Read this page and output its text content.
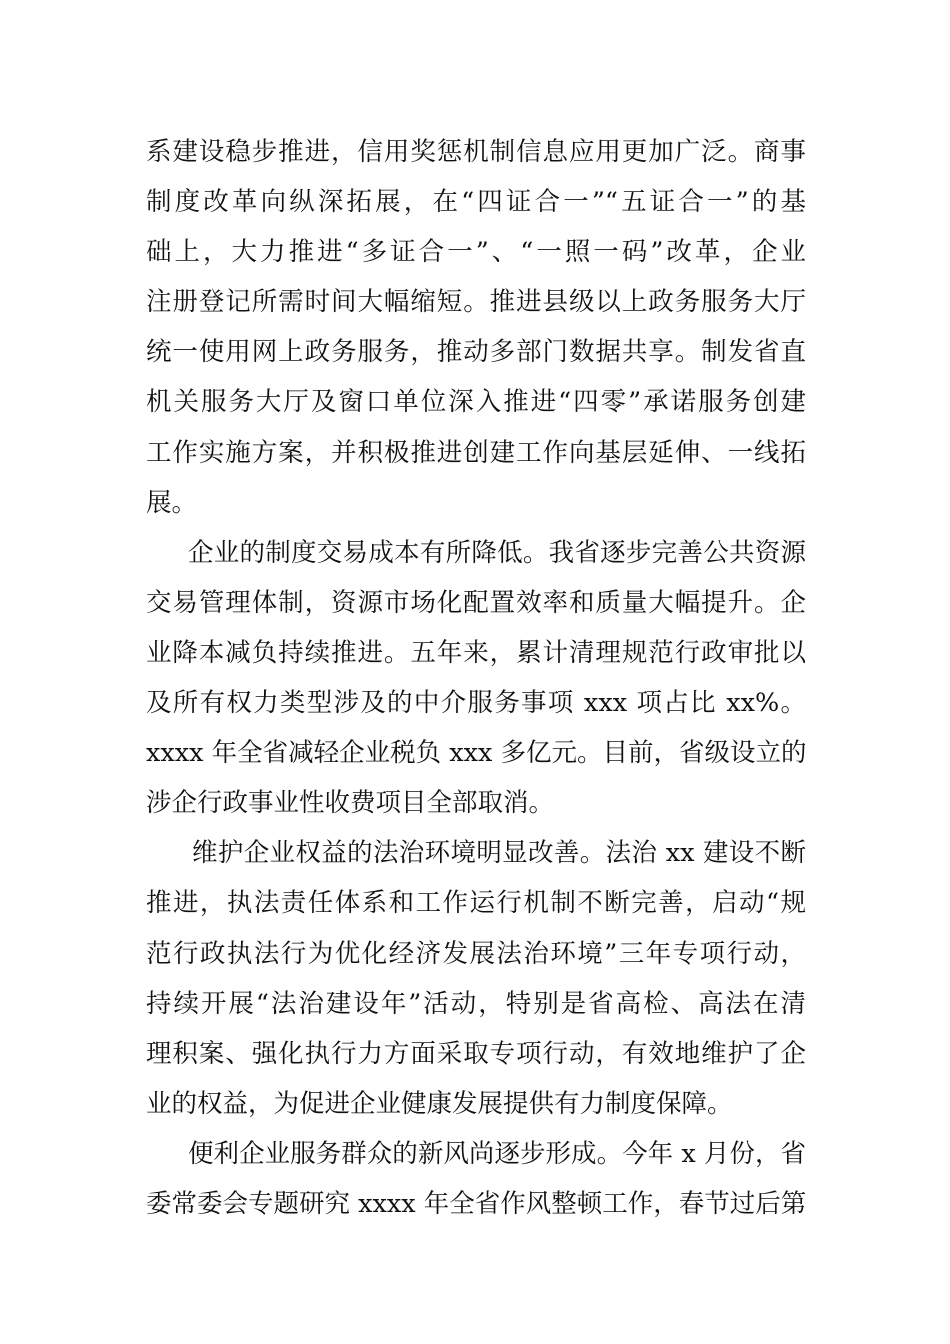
系建设稳步推进，信用奖惩机制信息应用更加广泛。商事
制度改革向纵深拓展，在“四证合一”“五证合一”的基
础上，大力推进“多证合一”、“一照一码”改革，企业
注册登记所需时间大幅缩短。推进县级以上政务服务大厅
统一使用网上政务服务，推动多部门数据共享。制发省直
机关服务大厅及窗口单位深入推进“四零”承诺服务创建
工作实施方案，并积极推进创建工作向基层延伸、一线拓
展。
企业的制度交易成本有所降低。我省逐步完善公共资源
交易管理体制，资源市场化配置效率和质量大幅提升。企
业降本减负持续推进。五年来，累计清理规范行政审批以
及所有权力类型涉及的中介服务事项 xxx 项占比 xx%。
xxxx 年全省减轻企业税负 xxx 多亿元。目前，省级设立的
涉企行政事业性收费项目全部取消。
维护企业权益的法治环境明显改善。法治 xx 建设不断
推进，执法责任体系和工作运行机制不断完善，启动“规
范行政执法行为优化经济发展法治环境”三年专项行动，
持续开展“法治建设年”活动，特别是省高检、高法在清
理积案、强化执行力方面采取专项行动，有效地维护了企
业的权益，为促进企业健康发展提供有力制度保障。
便利企业服务群众的新风尚逐步形成。今年 x 月份，省
委常委会专题研究 xxxx 年全省作风整顿工作，春节过后第
